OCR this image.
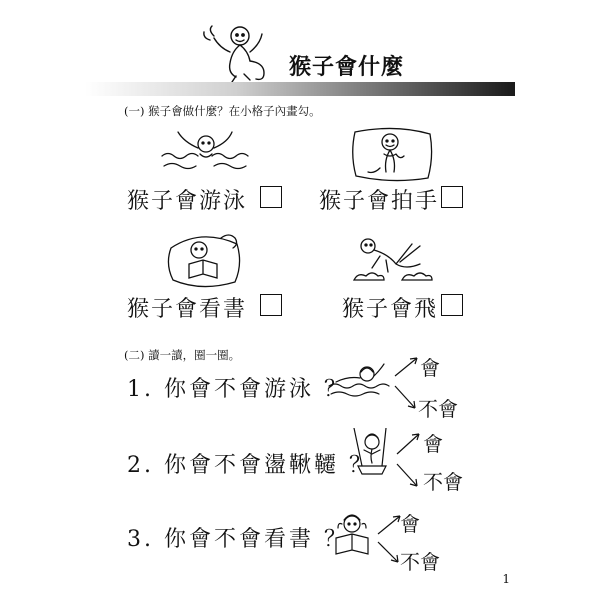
猴子會什麼
(一) 猴子會做什麼？在小格子內畫勾。
猴子會游泳	猴子會拍手
猴子會看書	猴子會飛
(二) 讀一讀，圈一圈。
1. 你會不會游泳 ？
會
不會
2. 你會不會盪鞦韆 ？
會
不會
3. 你會不會看書 ？
會
不會
1
